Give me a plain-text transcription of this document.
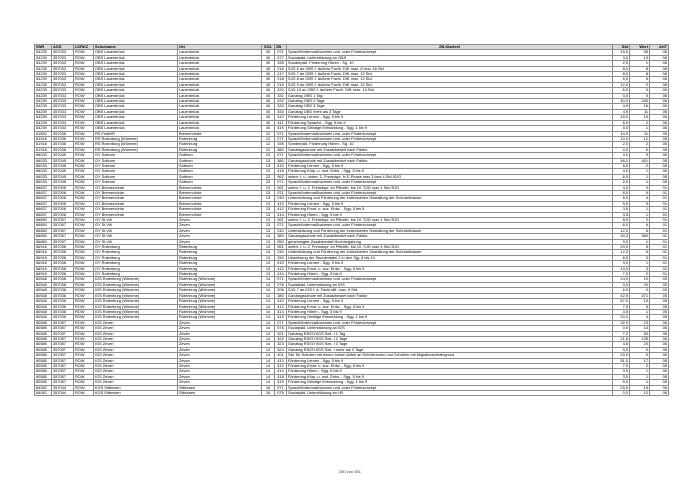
SNR	AGS	LKRKZ	Schulname	Ort	SGL	ZB	ZB-Klartext	Std	Wert	ArtT
54239	357033	ROW	OBS Lauenbrück	Lauenbrück	40	071	Sprachfördermaßnahmen und -oder Förderkonzept	19,0	55	06
54239	357033	ROW	OBS Lauenbrück	Lauenbrück	40	077	Sozialpäd. Unterstützung an OBS	3,0	13	06
54239	357033	ROW	OBS Lauenbrück	Lauenbrück	40	155	Sonderpäd. Förderung Hören - Sg. 10	2,0	1	06
54239	357033	ROW	OBS Lauenbrück	Lauenbrück	40	216	SJG 6 an OBS f. äußere Fachl. Diff. max. 8 bzw. 16 Std.	8,0	8	06
54239	357033	ROW	OBS Lauenbrück	Lauenbrück	40	217	SJG 7 an OBS f. äußere Fachl. Diff. max. 12 Std.	8,0	8	06
54239	357033	ROW	OBS Lauenbrück	Lauenbrück	40	218	SJG 8 an OBS f. äußere Fachl. Diff. max. 12 Std.	6,0	6	06
54239	357033	ROW	OBS Lauenbrück	Lauenbrück	40	219	SJG 9 an OBS f. äußere Fachl. Diff. max. 14 Std.	12,0	0	06
54239	357033	ROW	OBS Lauenbrück	Lauenbrück	40	220	SJG 10 an OBS f. äußere Fachl. Diff. max. 14 Std.	6,0	0	06
54239	357033	ROW	OBS Lauenbrück	Lauenbrück	40	331	Ganztag OBS 1 Tag	0,0	0	06
54239	357033	ROW	OBS Lauenbrück	Lauenbrück	40	332	Ganztag OBS 2 Tage	40,0	240	06
54239	357033	ROW	OBS Lauenbrück	Lauenbrück	40	333	Ganztag OBS 3 Tage	4,9	16	06
54239	357033	ROW	OBS Lauenbrück	Lauenbrück	40	334	Ganztag OBS mehr als 3 Tage	4,9	11	06
54239	357033	ROW	OBS Lauenbrück	Lauenbrück	40	410	Förderung Lernen - Sgg. 5 bis 9	45,0	15	06
54239	357033	ROW	OBS Lauenbrück	Lauenbrück	40	411	Förderung Sprache - Sgg. 5 bis 9	6,0	2	06
54239	357033	ROW	OBS Lauenbrück	Lauenbrück	40	419	Förderung Geistige Entwicklung - Sgg. 1 bis 9	5,0	1	06
61852	357036	ROW	RS Fintel/R	Bremervörde	12	071	Sprachfördermaßnahmen und -oder Förderkonzept	10,0	11	05
61918	357036	ROW	RS Rotenburg (Wümme)	Rotenburg	12	071	Sprachfördermaßnahmen und -oder Förderkonzept	10,0	12	05
61918	357036	ROW	RS Rotenburg (Wümme)	Rotenburg	12	155	Sonderpäd. Förderung Hören - Sg. 10	2,0	2	05
61918	357036	ROW	RS Rotenburg (Wümme)	Rotenburg	12	380	Ganztagsschule mit Zusatzbedarf nach Faktor	0,0	0	05
66033	357045	ROW	GY Sottrum	Sottrum	13	071	Sprachfördermaßnahmen und -oder Förderkonzept	4,0	9	06
66033	357045	ROW	GY Sottrum	Sottrum	13	380	Ganztagsschule mit Zusatzbedarf nach Faktor	46,1	401	06
66033	357045	ROW	GY Sottrum	Sottrum	13	410	Förderung Lernen - Sgg. 5 bis 9	6,0	2	06
66033	357045	ROW	GY Sottrum	Sottrum	13	418	Förderung Körp. u. mot. Entw. - Sgg. 5 bis 9	4,0	1	06
66033	357045	ROW	GY Sottrum	Sottrum	23	062	unterr. f. u. unterr. 2. Fremdspr. in E-Phase max 3 bzw 4 Std./SJG	6,0	1	06
66033	357045	ROW	GY Sottrum	Sottrum	23	071	Sprachfördermaßnahmen und -oder Förderkonzept	2,0	1	06
66837	357006	ROW	GY Bremervörde	Bremervörde	13	061	unterr. f. u. 2. Fremdspr. im Pflichtb. bis 10. SJG max 4 Std./SJG	4,0	0	01
66837	357006	ROW	GY Bremervörde	Bremervörde	13	071	Sprachfördermaßnahmen und -oder Förderkonzept	8,0	9	01
66837	357006	ROW	GY Bremervörde	Bremervörde	13	240	Unterstützung und Förderung der individuellen Gestaltung der Schulzeitdauer	8,0	4	01
66837	357006	ROW	GY Bremervörde	Bremervörde	13	410	Förderung Lernen - Sgg. 5 bis 9	9,0	3	01
66837	357006	ROW	GY Bremervörde	Bremervörde	13	412	Förderung Emot. u. soz. Entw. - Sgg. 5 bis 9	3,5	1	01
66837	357006	ROW	GY Bremervörde	Bremervörde	13	414	Förderung Hören - Sgg. 5 bis 9	3,5	1	01
66850	357057	ROW	GY St.Viti	Zeven	13	061	unterr. f. u. 2. Fremdspr. im Pflichtb. bis 10. SJG max 4 Std./SJG	8,0	2	01
66850	357057	ROW	GY St.Viti	Zeven	13	071	Sprachfördermaßnahmen und -oder Förderkonzept	6,0	6	01
66850	357057	ROW	GY St.Viti	Zeven	13	240	Unterstützung und Förderung der individuellen Gestaltung der Schulzeitdauer	12,0	6	01
66850	357057	ROW	GY St.Viti	Zeven	13	380	Ganztagsschule mit Zusatzbedarf nach Faktor	30,3	360	01
66850	357057	ROW	GY St.Viti	Zeven	13	950	genehmigter Zusatzbedarf Hochbegabung	9,0	1	01
66916	357036	ROW	GY Rotenburg	Rotenburg	13	061	unterr. f. u. 2. Fremdspr. im Pflichtb. bis 10. SJG max 4 Std./SJG	20,0	5	01
66916	357036	ROW	GY Rotenburg	Rotenburg	13	240	Unterstützung und Förderung der individuellen Gestaltung der Schulzeitdauer	12,0	6	01
66916	357036	ROW	GY Rotenburg	Rotenburg	13	250	Umsetzung der Stundentafel 2 in den Sjg. 8 bis 10	6,0	3	01
66916	357036	ROW	GY Rotenburg	Rotenburg	13	410	Förderung Lernen - Sgg. 5 bis 9	3,0	1	01
66916	357036	ROW	GY Rotenburg	Rotenburg	13	412	Förderung Emot. u. soz. Entw. - Sgg. 5 bis 9	10,0	3	01
66916	357036	ROW	GY Rotenburg	Rotenburg	13	414	Förderung Hören - Sgg. 5 bis 9	7,0	2	01
80548	357036	ROW	IGS Rotenburg (Wümme)	Rotenburg (Wümme)	14	071	Sprachfördermaßnahmen und -oder Förderkonzept	24,0	10	05
80548	357036	ROW	IGS Rotenburg (Wümme)	Rotenburg (Wümme)	14	078	Sozialpäd. Unterstützung an IGS	0,0	20	05
80548	357036	ROW	IGS Rotenburg (Wümme)	Rotenburg (Wümme)	14	206	SJG 7 an IGS f. ä. Fachl.diff. max. 6 Std.	6,0	0	05
80548	357036	ROW	IGS Rotenburg (Wümme)	Rotenburg (Wümme)	14	380	Ganztagsschule mit Zusatzbedarf nach Faktor	42,9	471	05
80548	357036	ROW	IGS Rotenburg (Wümme)	Rotenburg (Wümme)	14	410	Förderung Lernen - Sgg. 5 bis 9	57,0	19	05
80548	357036	ROW	IGS Rotenburg (Wümme)	Rotenburg (Wümme)	14	412	Förderung Emot. u. soz. Entw. - Sgg. 5 bis 9	7,5	5	05
80548	357036	ROW	IGS Rotenburg (Wümme)	Rotenburg (Wümme)	14	414	Förderung Hören - Sgg. 5 bis 9	3,5	1	05
80548	357036	ROW	IGS Rotenburg (Wümme)	Rotenburg (Wümme)	14	419	Förderung Geistige Entwicklung - Sgg. 1 bis 9	20,0	4	05
80585	357057	ROW	IGS Zeven	Zeven	14	071	Sprachfördermaßnahmen und -oder Förderkonzept	32,0	23	06
80585	357057	ROW	IGS Zeven	Zeven	14	078	Sozialpäd. Unterstützung an IGS	0,0	14	06
80585	357057	ROW	IGS Zeven	Zeven	14	321	Ganztag RS/GY/IGS Sek. I 1 Tag	7,2	50	06
80585	357057	ROW	IGS Zeven	Zeven	14	322	Ganztag RS/GY/IGS Sek. I 2 Tage	21,6	135	06
80585	357057	ROW	IGS Zeven	Zeven	14	323	Ganztag RS/GY/IGS Sek. I 3 Tage	4,8	20	06
80585	357057	ROW	IGS Zeven	Zeven	14	324	Ganztag RS/GY/IGS Sek. I mehr als 3 Tage	0,0	0	06
80585	357057	ROW	IGS Zeven	Zeven	14	401	Std. für Schulen mit einem hohen Anteil an Schülerinnen und Schülern mit Migrationshintergrund	20,0	0	06
80585	357057	ROW	IGS Zeven	Zeven	14	410	Förderung Lernen - Sgg. 5 bis 9	51,0	17	06
80585	357057	ROW	IGS Zeven	Zeven	14	412	Förderung Emot. u. soz. Entw. - Sgg. 5 bis 9	7,0	2	06
80585	357057	ROW	IGS Zeven	Zeven	14	414	Förderung Hören - Sgg. 5 bis 9	3,5	1	06
80585	357057	ROW	IGS Zeven	Zeven	14	418	Förderung Körp. u. mot. Entw. - Sgg. 5 bis 9	3,0	1	06
80585	357057	ROW	IGS Zeven	Zeven	14	419	Förderung Geistige Entwicklung - Sgg. 1 bis 9	5,0	1	06
84062	357044	ROW	KGS Sittensen	Sittensen	16	071	Sprachfördermaßnahmen und -oder Förderkonzept	25,0	15	06
84062	357044	ROW	KGS Sittensen	Sittensen	16	078	Sozialpäd. Unterstützung an HS	0,0	12	06
250 von 651
